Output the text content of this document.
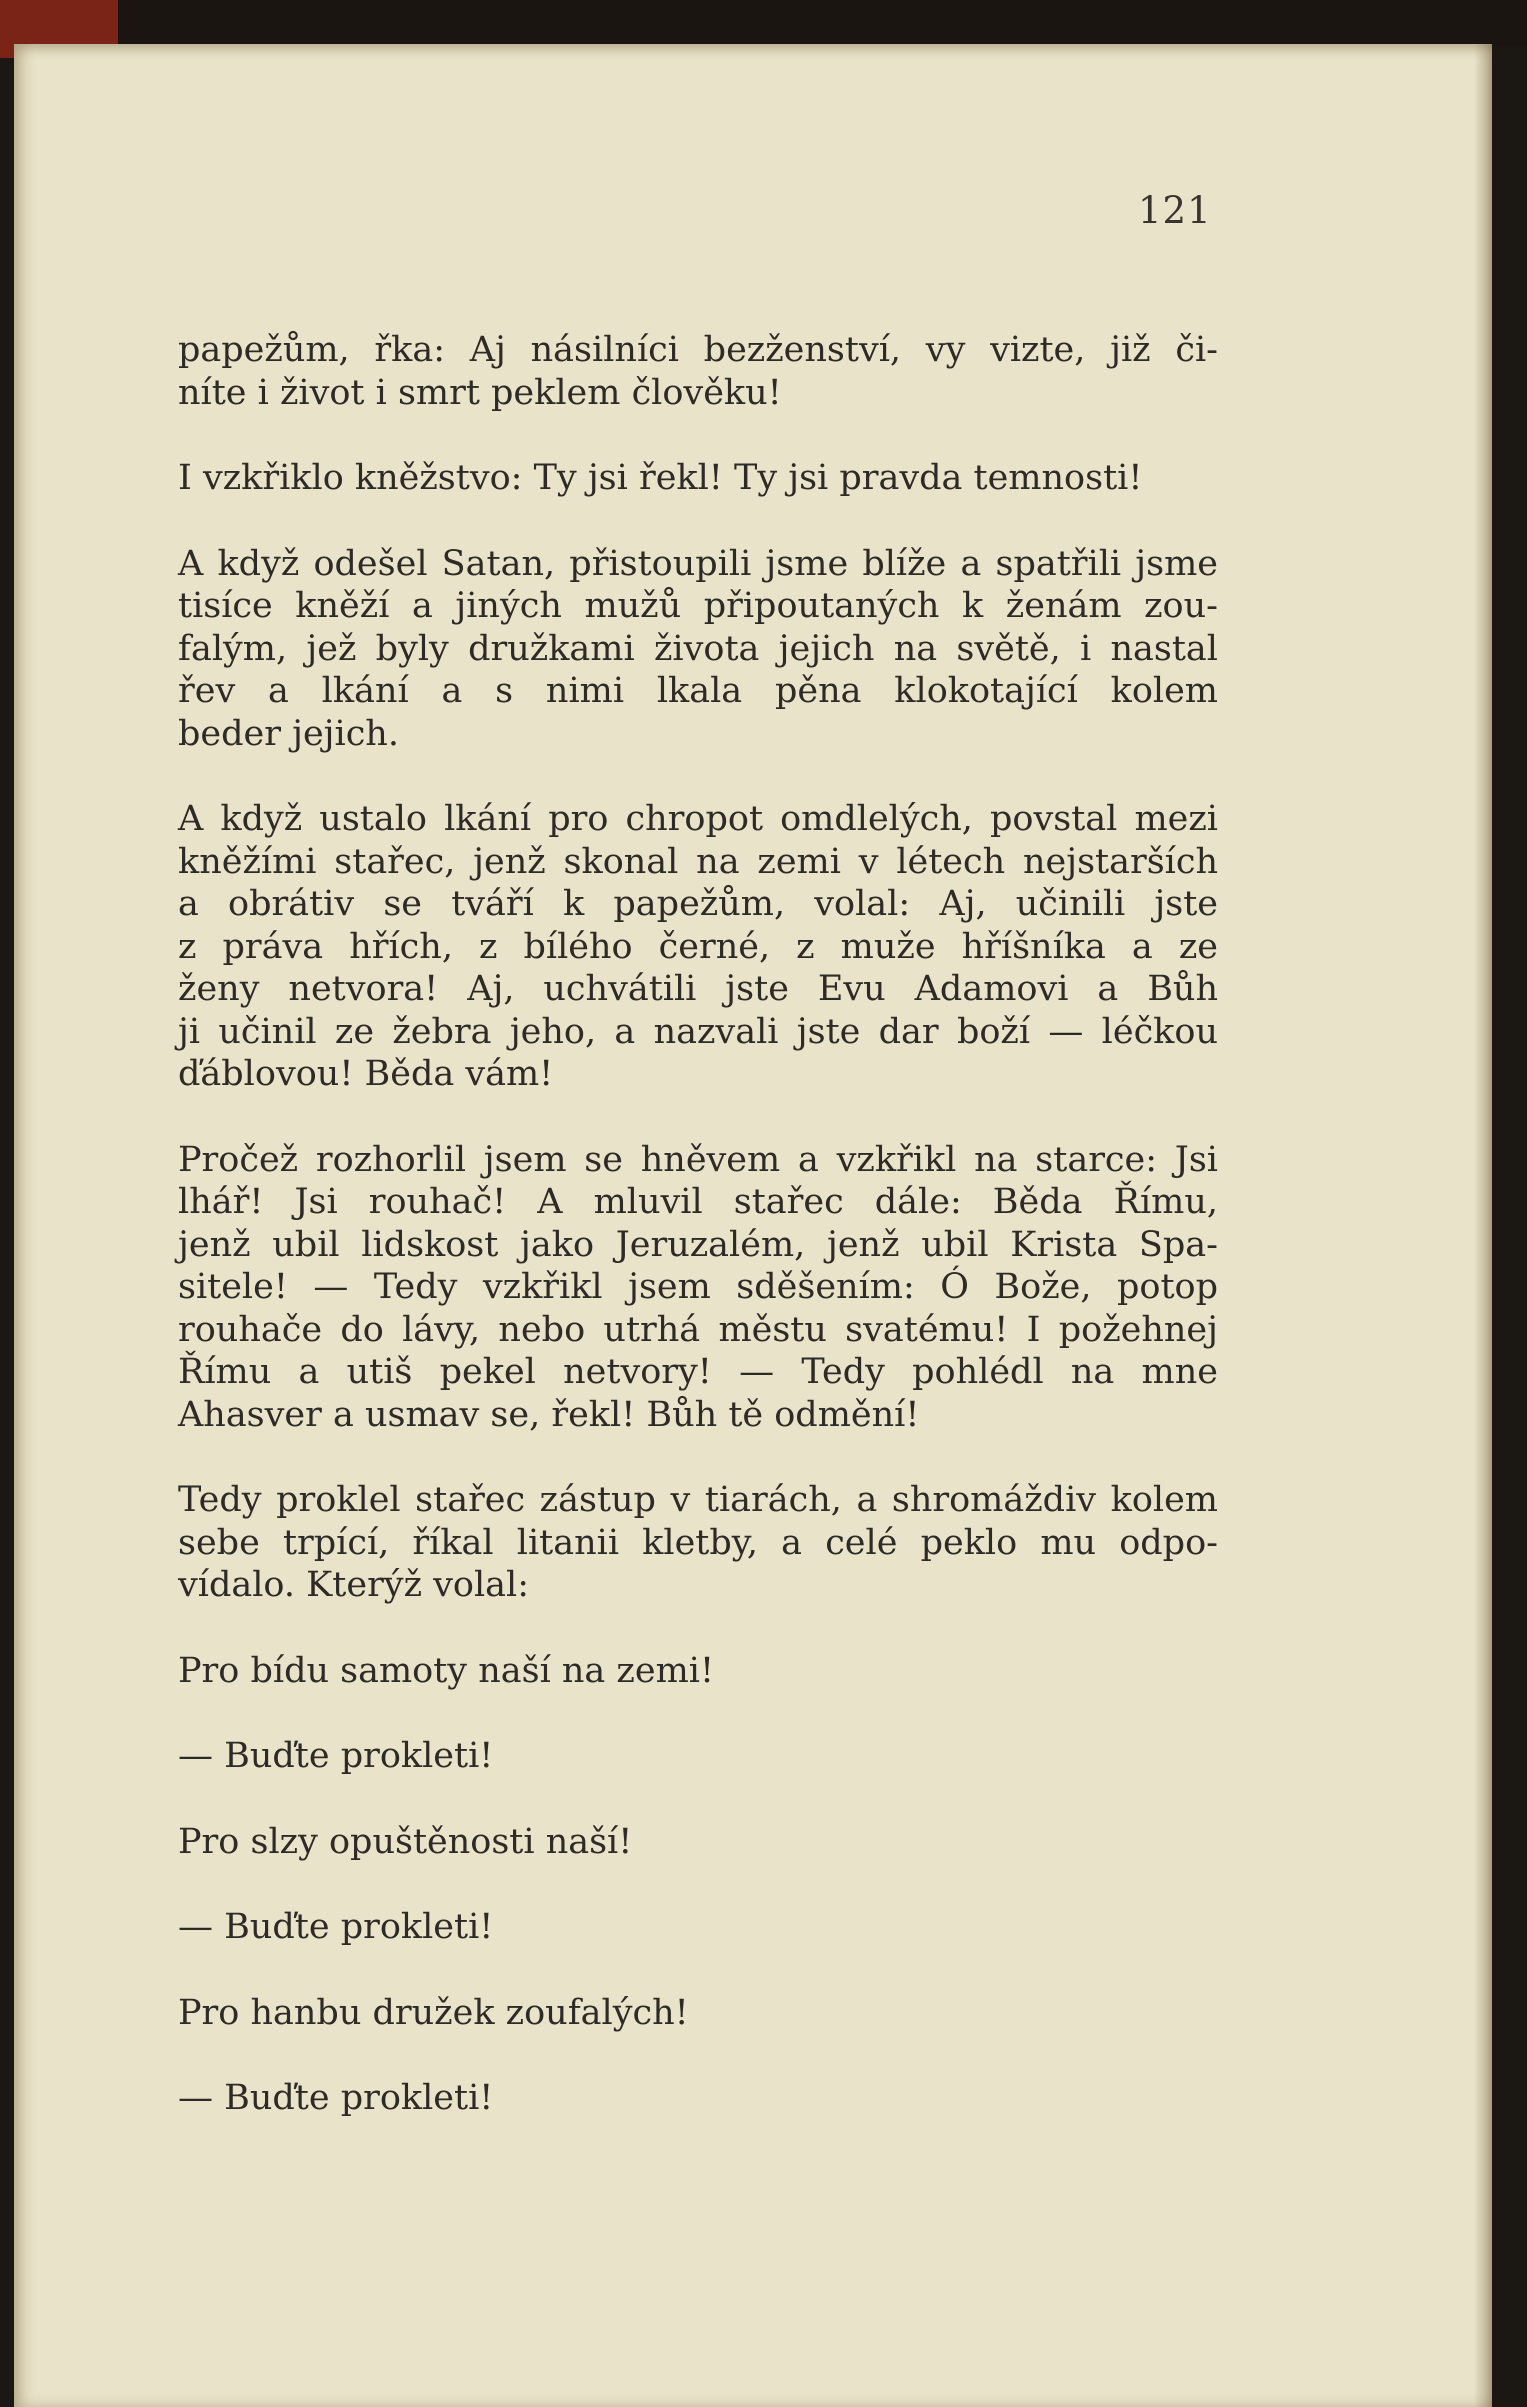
121
papežům, řka: Aj násilníci bezženství, vy vizte, již či-
níte i život i smrt peklem člověku!
I vzkřiklo kněžstvo: Ty jsi řekl! Ty jsi pravda temnosti!
A když odešel Satan, přistoupili jsme blíže a spatřili jsme
tisíce kněží a jiných mužů připoutaných k ženám zou-
falým, jež byly družkami života jejich na světě, i nastal
řev a lkání a s nimi lkala pěna klokotající kolem
beder jejich.
A když ustalo lkání pro chropot omdlelých, povstal mezi
kněžími stařec, jenž skonal na zemi v létech nejstarších
a obrátiv se tváří k papežům, volal: Aj, učinili jste
z práva hřích, z bílého černé, z muže hříšníka a ze
ženy netvora! Aj, uchvátili jste Evu Adamovi a Bůh
ji učinil ze žebra jeho, a nazvali jste dar boží — léčkou
ďáblovou! Běda vám!
Pročež rozhorlil jsem se hněvem a vzkřikl na starce: Jsi
lhář! Jsi rouhač! A mluvil stařec dále: Běda Římu,
jenž ubil lidskost jako Jeruzalém, jenž ubil Krista Spa-
sitele! — Tedy vzkřikl jsem sděšením: Ó Bože, potop
rouhače do lávy, nebo utrhá městu svatému! I požehnej
Římu a utiš pekel netvory! — Tedy pohlédl na mne
Ahasver a usmav se, řekl! Bůh tě odmění!
Tedy proklel stařec zástup v tiarách, a shromáždiv kolem
sebe trpící, říkal litanii kletby, a celé peklo mu odpo-
vídalo. Kterýž volal:
Pro bídu samoty naší na zemi!
— Buďte prokleti!
Pro slzy opuštěnosti naší!
— Buďte prokleti!
Pro hanbu družek zoufalých!
— Buďte prokleti!
